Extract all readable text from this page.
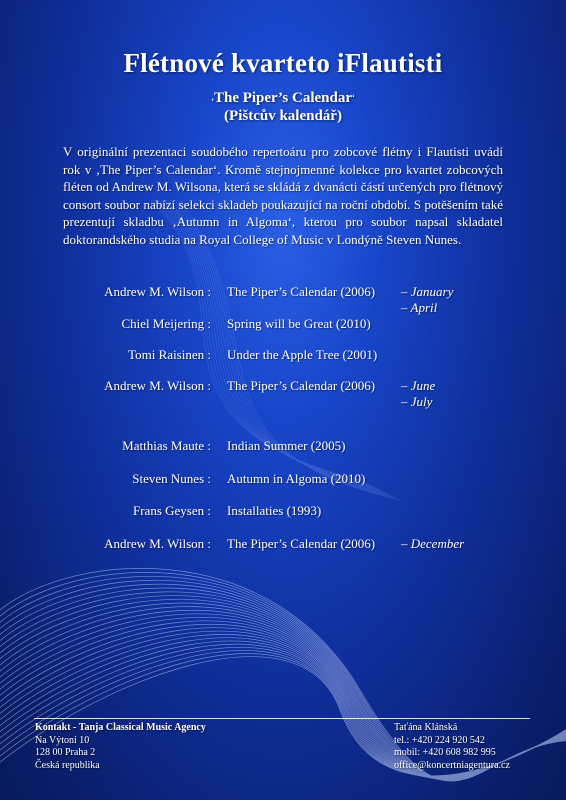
Flétnové kvarteto iFlautisti
‚The Piper’s Calendar‘
(Pištcův kalendář)
V originální prezentaci soudobého repertoáru pro zobcové flétny i Flautisti uvádí rok v ‚The Piper’s Calendar‘. Kromě stejnojmenné kolekce pro kvartet zobcových fléten od Andrew M. Wilsona, která se skládá z dvanácti částí určených pro flétnový consort soubor nabízí selekci skladeb poukazující na roční období. S potěšením také prezentují skladbu ‚Autumn in Algoma‘, kterou pro soubor napsal skladatel doktorandského studia na Royal College of Music v Londýně Steven Nunes.
Andrew M. Wilson : The Piper’s Calendar (2006) – January
– April
Chiel Meijering : Spring will be Great (2010)
Tomi Raisinen : Under the Apple Tree (2001)
Andrew M. Wilson : The Piper’s Calendar (2006) – June
– July
Matthias Maute : Indian Summer (2005)
Steven Nunes : Autumn in Algoma (2010)
Frans Geysen : Installaties (1993)
Andrew M. Wilson : The Piper’s Calendar (2006) – December
Kontakt - Tanja Classical Music Agency
Na Výtoni 10
128 00 Praha 2
Česká republika
Taťána Klánská
tel.: +420 224 920 542
mobil: +420 608 982 995
office@koncertniagentura.cz
